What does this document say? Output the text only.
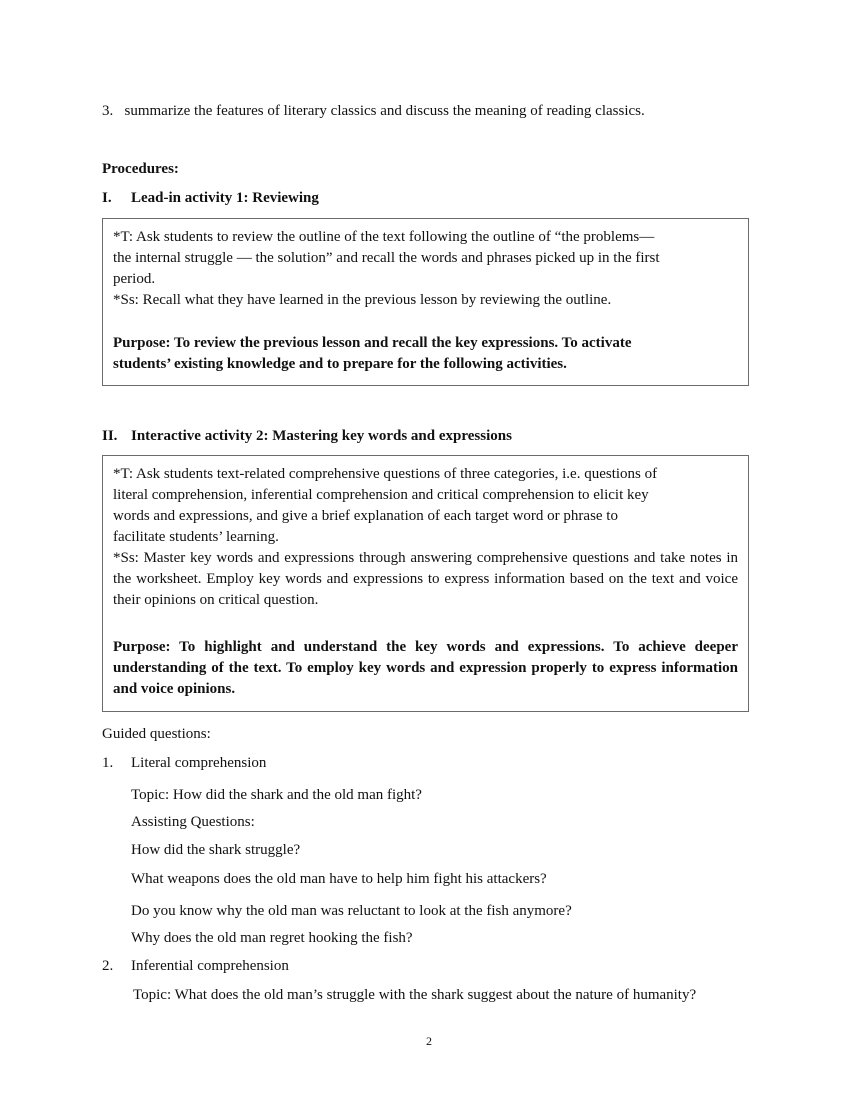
3. summarize the features of literary classics and discuss the meaning of reading classics.
Procedures:
I. Lead-in activity 1: Reviewing

*T: Ask students to review the outline of the text following the outline of “the problems—

the internal struggle — the solution” and recall the words and phrases picked up in the first

period.

*Ss: Recall what they have learned in the previous lesson by reviewing the outline.

Purpose: To review the previous lesson and recall the key expressions. To activate

students’ existing knowledge and to prepare for the following activities.

II. Interactive activity 2: Mastering key words and expressions

*T: Ask students text-related comprehensive questions of three categories, i.e. questions of

literal comprehension, inferential comprehension and critical comprehension to elicit key

words and expressions, and give a brief explanation of each target word or phrase to

facilitate students’ learning.

*Ss: Master key words and expressions through answering comprehensive questions and take notes in the worksheet. Employ key words and expressions to express information based on the text and voice their opinions on critical question.

Purpose: To highlight and understand the key words and expressions. To achieve deeper understanding of the text. To employ key words and expression properly to express information and voice opinions.

Guided questions:
1. Literal comprehension
Topic: How did the shark and the old man fight?
Assisting Questions:
How did the shark struggle?
What weapons does the old man have to help him fight his attackers?
Do you know why the old man was reluctant to look at the fish anymore?
Why does the old man regret hooking the fish?
2. Inferential comprehension
Topic: What does the old man’s struggle with the shark suggest about the nature of humanity?
2
